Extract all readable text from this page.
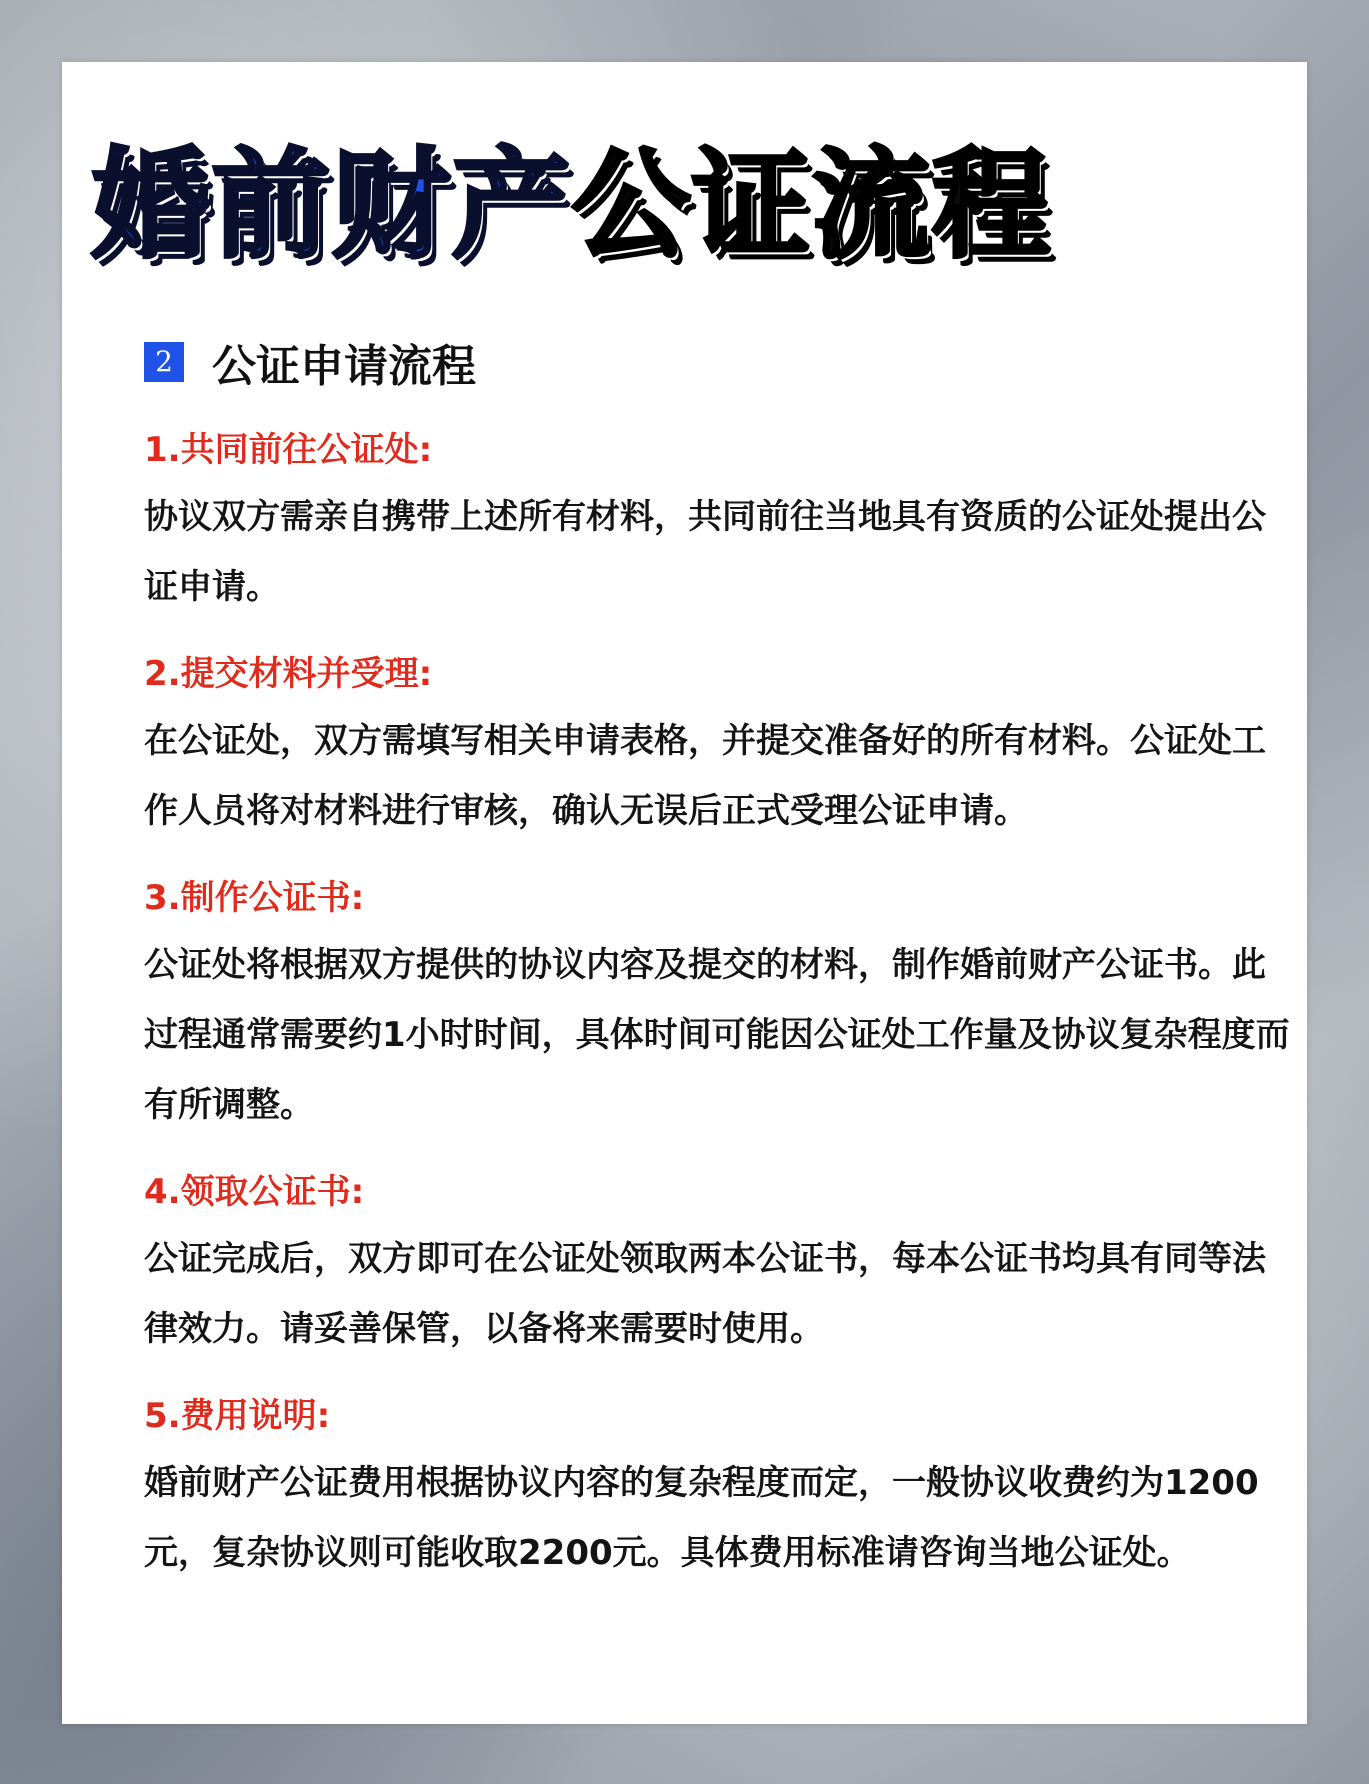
婚前财产 公证流程
2 公证申请流程
1.共同前往公证处:
协议双方需亲自携带上述所有材料，共同前往当地具有资质的公证处提出公证申请。
2.提交材料并受理:
在公证处，双方需填写相关申请表格，并提交准备好的所有材料。公证处工作人员将对材料进行审核，确认无误后正式受理公证申请。
3.制作公证书:
公证处将根据双方提供的协议内容及提交的材料，制作婚前财产公证书。此过程通常需要约1小时时间，具体时间可能因公证处工作量及协议复杂程度而有所调整。
4.领取公证书:
公证完成后，双方即可在公证处领取两本公证书，每本公证书均具有同等法律效力。请妥善保管，以备将来需要时使用。
5.费用说明:
婚前财产公证费用根据协议内容的复杂程度而定，一般协议收费约为1200元，复杂协议则可能收取2200元。具体费用标准请咨询当地公证处。
